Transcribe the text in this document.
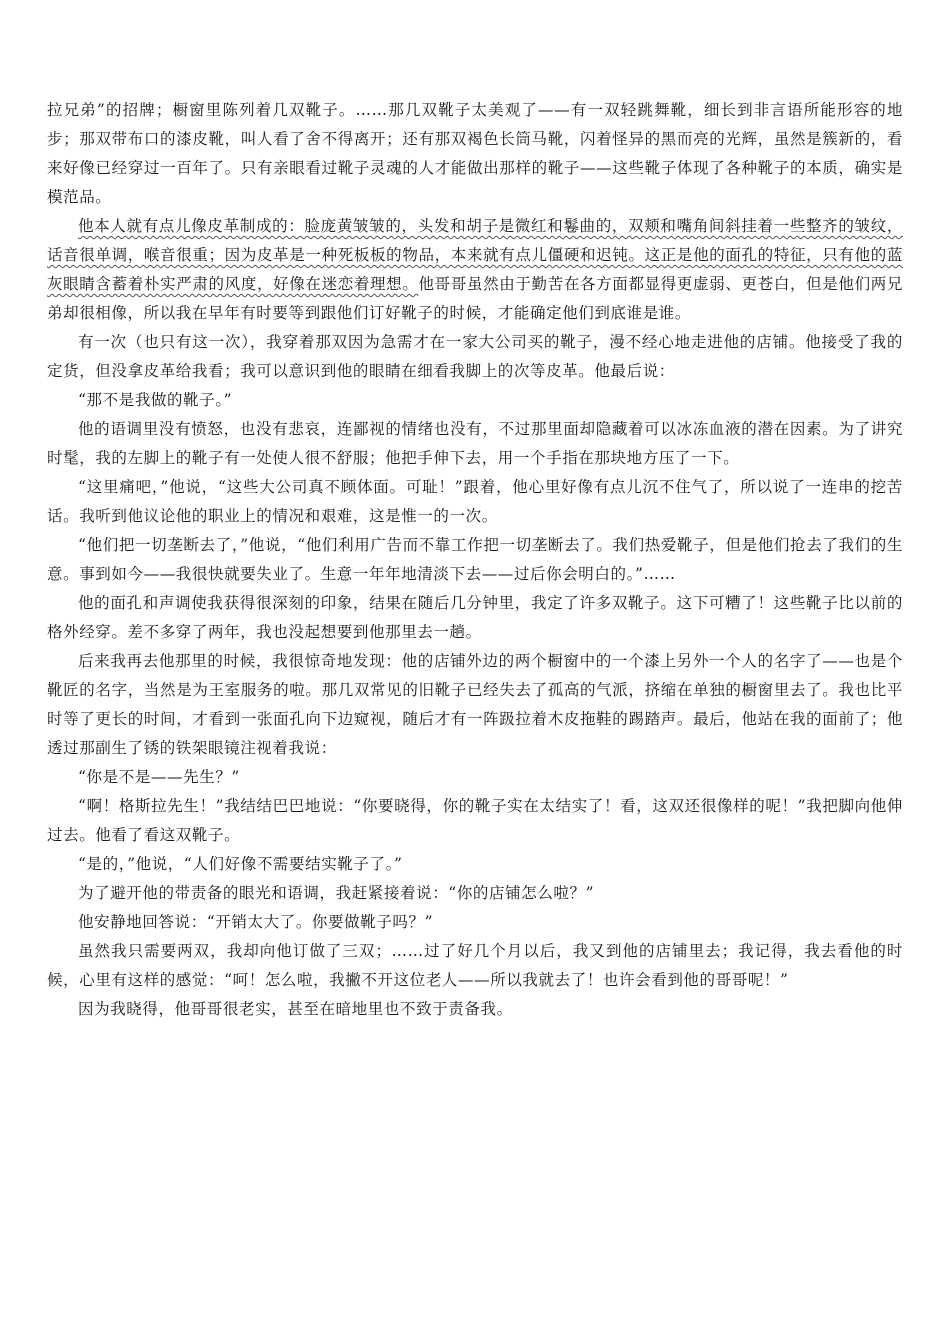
拉兄弟”的招牌；橱窗里陈列着几双靴子。……那几双靴子太美观了——有一双轻跳舞靴，细长到非言语所能形容的地步；那双带布口的漆皮靴，叫人看了舍不得离开；还有那双褐色长筒马靴，闪着怪异的黑而亮的光辉，虽然是簇新的，看来好像已经穿过一百年了。只有亲眼看过靴子灵魂的人才能做出那样的靴子——这些靴子体现了各种靴子的本质，确实是模范品。

他本人就有点儿像皮革制成的：脸庞黄皱皱的，头发和胡子是微红和鬈曲的，双颊和嘴角间斜挂着一些整齐的皱纹，话音很单调，喉音很重；因为皮革是一种死板板的物品，本来就有点儿僵硬和迟钝。这正是他的面孔的特征，只有他的蓝灰眼睛含蓄着朴实严肃的风度，好像在迷恋着理想。他哥哥虽然由于勤苦在各方面都显得更虚弱、更苍白，但是他们两兄弟却很相像，所以我在早年有时要等到跟他们订好靴子的时候，才能确定他们到底谁是谁。

有一次（也只有这一次），我穿着那双因为急需才在一家大公司买的靴子，漫不经心地走进他的店铺。他接受了我的定货，但没拿皮革给我看；我可以意识到他的眼睛在细看我脚上的次等皮革。他最后说：

“那不是我做的靴子。”

他的语调里没有愤怒，也没有悲哀，连鄙视的情绪也没有，不过那里面却隐藏着可以冰冻血液的潜在因素。为了讲究时髦，我的左脚上的靴子有一处使人很不舒服；他把手伸下去，用一个手指在那块地方压了一下。

“这里痛吧，”他说，“这些大公司真不顾体面。可耻！”跟着，他心里好像有点儿沉不住气了，所以说了一连串的挖苦话。我听到他议论他的职业上的情况和艰难，这是惟一的一次。

“他们把一切垄断去了，”他说，“他们利用广告而不靠工作把一切垄断去了。我们热爱靴子，但是他们抢去了我们的生意。事到如今——我很快就要失业了。生意一年年地清淡下去——过后你会明白的。”……

他的面孔和声调使我获得很深刻的印象，结果在随后几分钟里，我定了许多双靴子。这下可糟了！这些靴子比以前的格外经穿。差不多穿了两年，我也没起想要到他那里去一趟。

后来我再去他那里的时候，我很惊奇地发现：他的店铺外边的两个橱窗中的一个漆上另外一个人的名字了——也是个靴匠的名字，当然是为王室服务的啦。那几双常见的旧靴子已经失去了孤高的气派，挤缩在单独的橱窗里去了。我也比平时等了更长的时间，才看到一张面孔向下边窥视，随后才有一阵趿拉着木皮拖鞋的踢踏声。最后，他站在我的面前了；他透过那副生了锈的铁架眼镜注视着我说：

“你是不是——先生？”

“啊！格斯拉先生！”我结结巴巴地说：“你要晓得，你的靴子实在太结实了！看，这双还很像样的呢！”我把脚向他伸过去。他看了看这双靴子。

“是的，”他说，“人们好像不需要结实靴子了。”

为了避开他的带责备的眼光和语调，我赶紧接着说：“你的店铺怎么啦？”

他安静地回答说：“开销太大了。你要做靴子吗？”

虽然我只需要两双，我却向他订做了三双；……过了好几个月以后，我又到他的店铺里去；我记得，我去看他的时候，心里有这样的感觉：“呵！怎么啦，我撇不开这位老人——所以我就去了！也许会看到他的哥哥呢！”

因为我晓得，他哥哥很老实，甚至在暗地里也不致于责备我。
